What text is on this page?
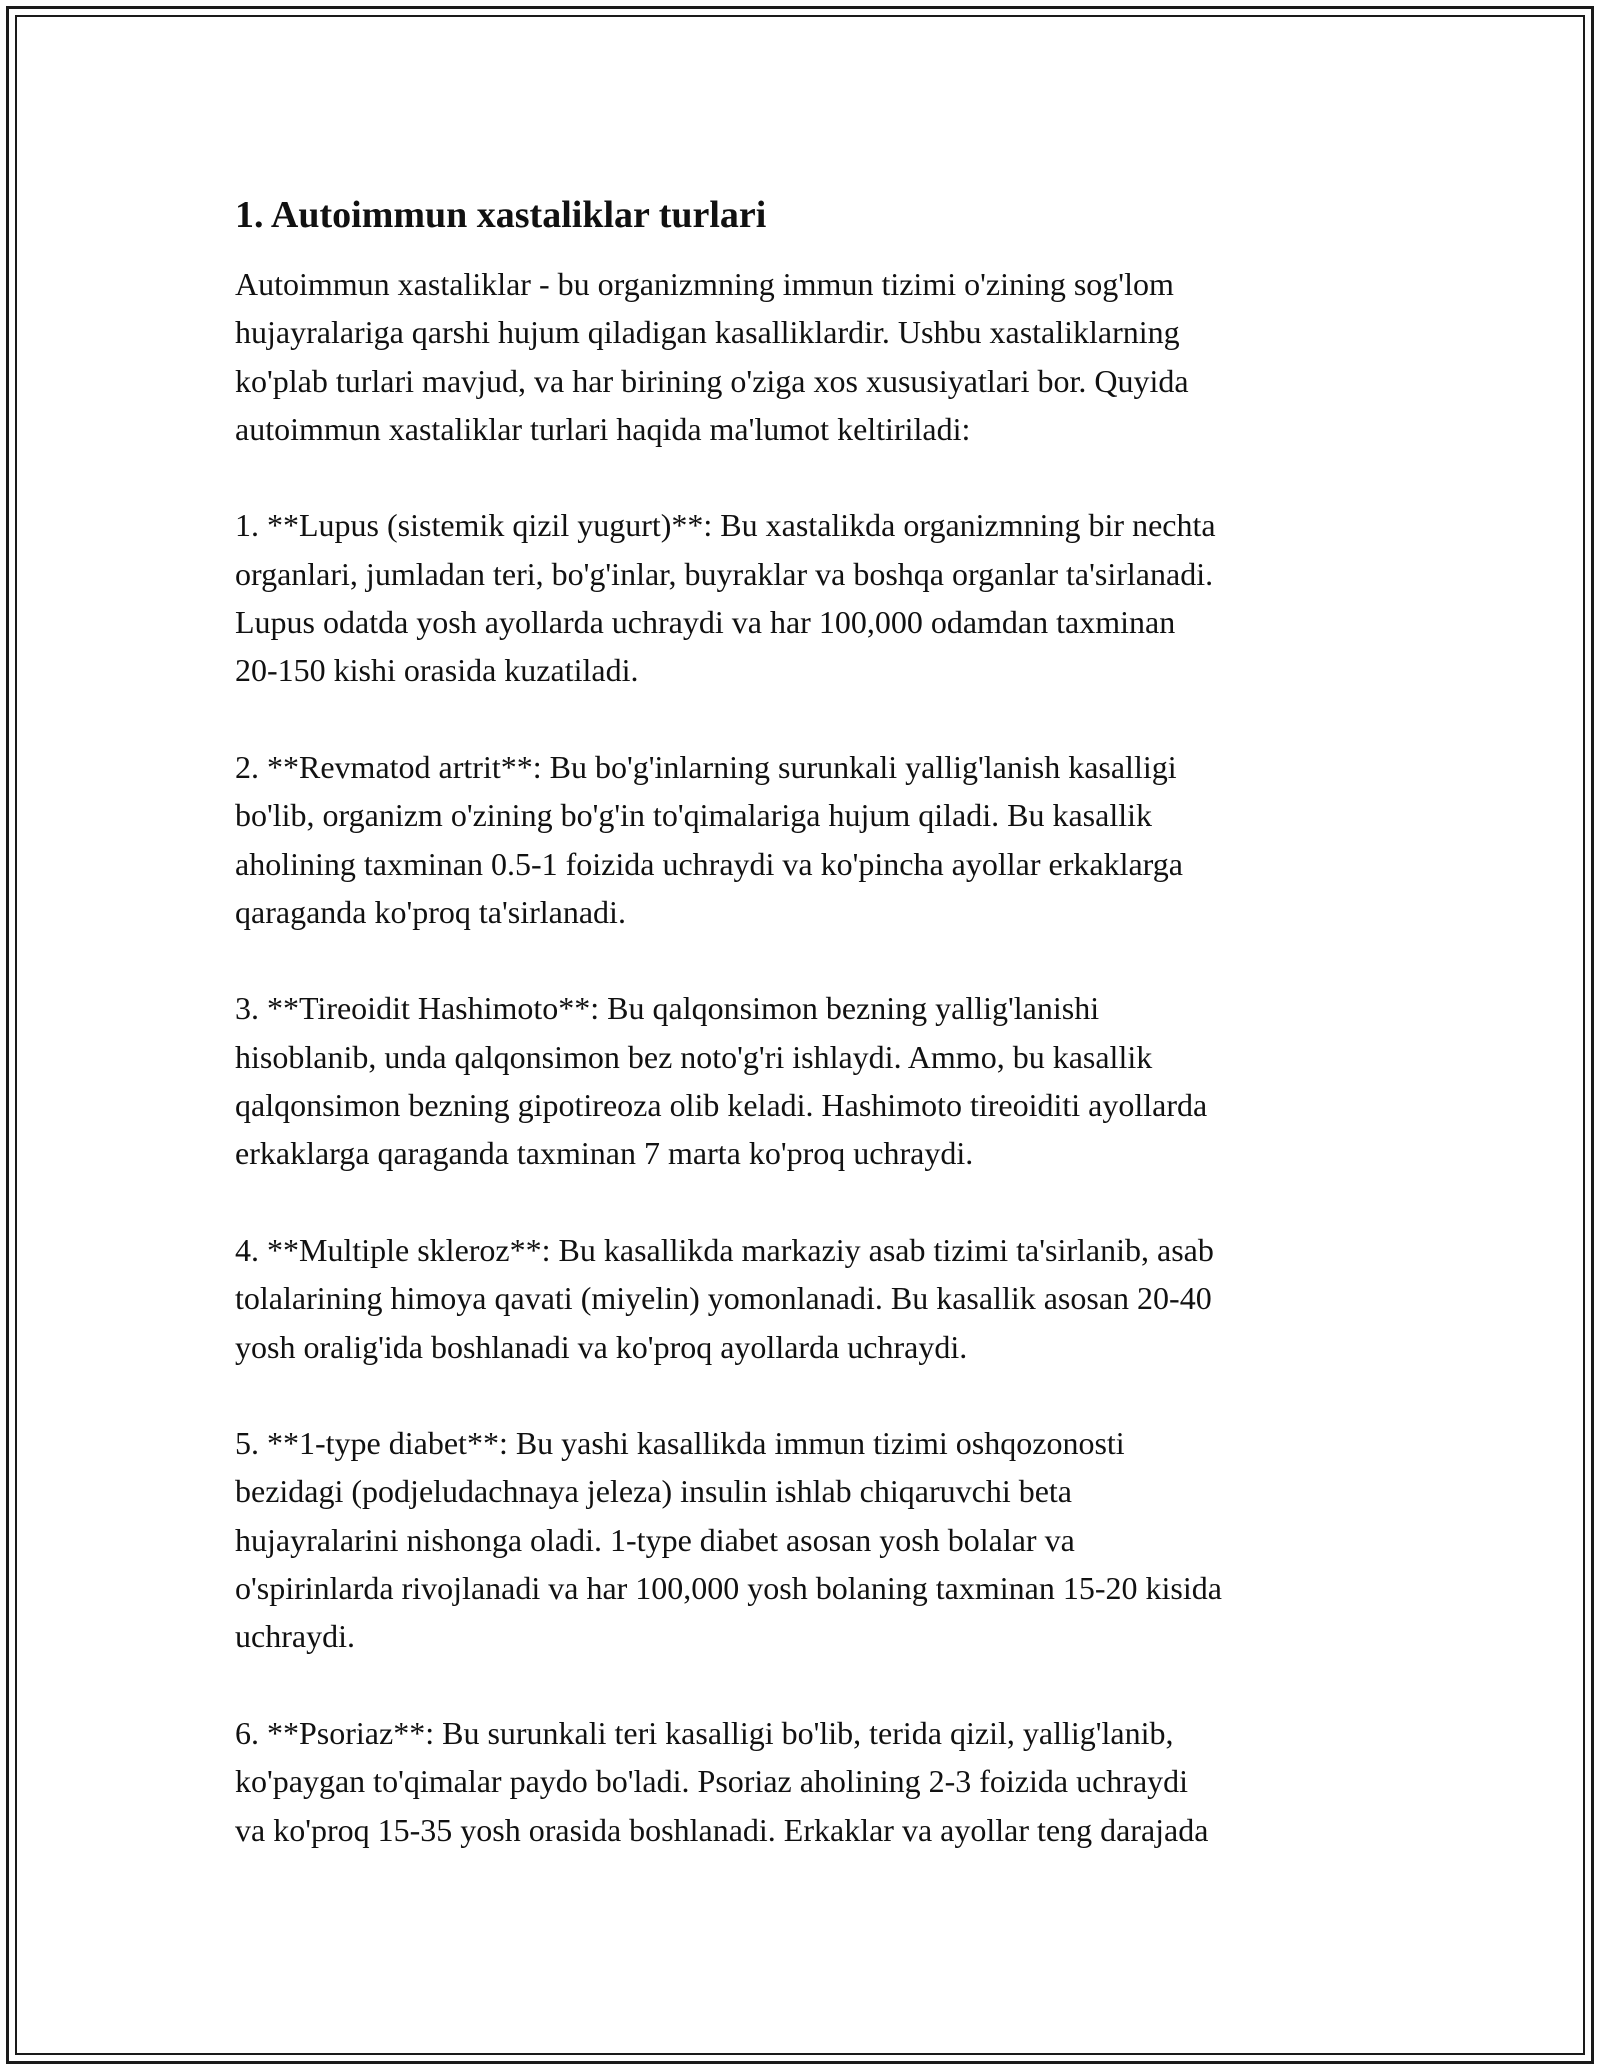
1. Autoimmun xastaliklar turlari

Autoimmun xastaliklar - bu organizmning immun tizimi o'zining sog'lom
hujayralariga qarshi hujum qiladigan kasalliklardir. Ushbu xastaliklarning
ko'plab turlari mavjud, va har birining o'ziga xos xususiyatlari bor. Quyida
autoimmun xastaliklar turlari haqida ma'lumot keltiriladi:

1. **Lupus (sistemik qizil yugurt)**: Bu xastalikda organizmning bir nechta
organlari, jumladan teri, bo'g'inlar, buyraklar va boshqa organlar ta'sirlanadi.
Lupus odatda yosh ayollarda uchraydi va har 100,000 odamdan taxminan
20-150 kishi orasida kuzatiladi.

2. **Revmatod artrit**: Bu bo'g'inlarning surunkali yallig'lanish kasalligi
bo'lib, organizm o'zining bo'g'in to'qimalariga hujum qiladi. Bu kasallik
aholining taxminan 0.5-1 foizida uchraydi va ko'pincha ayollar erkaklarga
qaraganda ko'proq ta'sirlanadi.

3. **Tireoidit Hashimoto**: Bu qalqonsimon bezning yallig'lanishi
hisoblanib, unda qalqonsimon bez noto'g'ri ishlaydi. Ammo, bu kasallik
qalqonsimon bezning gipotireoza olib keladi. Hashimoto tireoiditi ayollarda
erkaklarga qaraganda taxminan 7 marta ko'proq uchraydi.

4. **Multiple skleroz**: Bu kasallikda markaziy asab tizimi ta'sirlanib, asab
tolalarining himoya qavati (miyelin) yomonlanadi. Bu kasallik asosan 20-40
yosh oralig'ida boshlanadi va ko'proq ayollarda uchraydi.

5. **1-type diabet**: Bu yashi kasallikda immun tizimi oshqozonosti
bezidagi (podjeludachnaya jeleza) insulin ishlab chiqaruvchi beta
hujayralarini nishonga oladi. 1-type diabet asosan yosh bolalar va
o'spirinlarda rivojlanadi va har 100,000 yosh bolaning taxminan 15-20 kisida
uchraydi.

6. **Psoriaz**: Bu surunkali teri kasalligi bo'lib, terida qizil, yallig'lanib,
ko'paygan to'qimalar paydo bo'ladi. Psoriaz aholining 2-3 foizida uchraydi
va ko'proq 15-35 yosh orasida boshlanadi. Erkaklar va ayollar teng darajada
